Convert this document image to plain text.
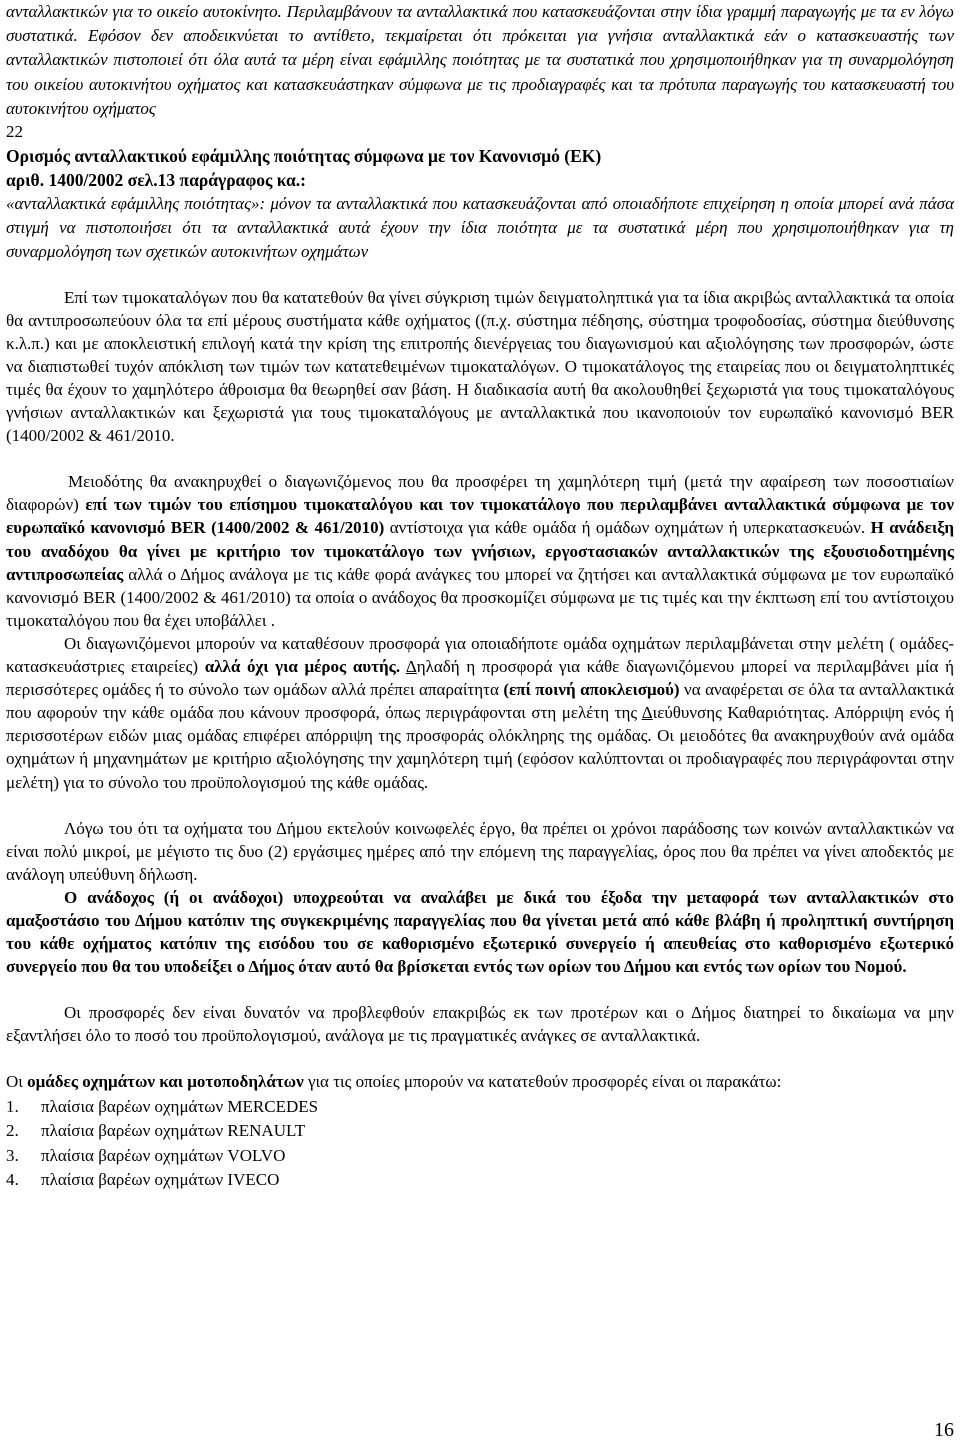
ανταλλακτικών για το οικείο αυτοκίνητο. Περιλαμβάνουν τα ανταλλακτικά που κατασκευάζονται στην ίδια γραμμή παραγωγής με τα εν λόγω συστατικά. Εφόσον δεν αποδεικνύεται το αντίθετο, τεκμαίρεται ότι πρόκειται για γνήσια ανταλλακτικά εάν ο κατασκευαστής των ανταλλακτικών πιστοποιεί ότι όλα αυτά τα μέρη είναι εφάμιλλης ποιότητας με τα συστατικά που χρησιμοποιήθηκαν για τη συναρμολόγηση του οικείου αυτοκινήτου οχήματος και κατασκευάστηκαν σύμφωνα με τις προδιαγραφές και τα πρότυπα παραγωγής του κατασκευαστή του αυτοκινήτου οχήματος

22
Ορισμός ανταλλακτικού εφάμιλλης ποιότητας σύμφωνα με τον Κανονισμό (ΕΚ)
αριθ. 1400/2002 σελ.13 παράγραφος κα.:

«ανταλλακτικά εφάμιλλης ποιότητας»: μόνον τα ανταλλακτικά που κατασκευάζονται από οποιαδήποτε επιχείρηση η οποία μπορεί ανά πάσα στιγμή να πιστοποιήσει ότι τα ανταλλακτικά αυτά έχουν την ίδια ποιότητα με τα συστατικά μέρη που χρησιμοποιήθηκαν για τη συναρμολόγηση των σχετικών αυτοκινήτων οχημάτων

Επί των τιμοκαταλόγων που θα κατατεθούν θα γίνει σύγκριση τιμών δειγματοληπτικά για τα ίδια ακριβώς ανταλλακτικά τα οποία θα αντιπροσωπεύουν όλα τα επί μέρους συστήματα κάθε οχήματος ((π.χ. σύστημα πέδησης, σύστημα τροφοδοσίας, σύστημα διεύθυνσης κ.λ.π.) και με αποκλειστική επιλογή κατά την κρίση της επιτροπής διενέργειας του διαγωνισμού και αξιολόγησης των προσφορών, ώστε να διαπιστωθεί τυχόν απόκλιση των τιμών των κατατεθειμένων τιμοκαταλόγων. Ο τιμοκατάλογος της εταιρείας που οι δειγματοληπτικές τιμές θα έχουν το χαμηλότερο άθροισμα θα θεωρηθεί σαν βάση. Η διαδικασία αυτή θα ακολουθηθεί ξεχωριστά για τους τιμοκαταλόγους γνήσιων ανταλλακτικών και ξεχωριστά για τους τιμοκαταλόγους με ανταλλακτικά που ικανοποιούν τον ευρωπαϊκό κανονισμό BER (1400/2002 & 461/2010.

Μειοδότης θα ανακηρυχθεί ο διαγωνιζόμενος που θα προσφέρει τη χαμηλότερη τιμή (μετά την αφαίρεση των ποσοστιαίων διαφορών) επί των τιμών του επίσημου τιμοκαταλόγου και τον τιμοκατάλογο που περιλαμβάνει ανταλλακτικά σύμφωνα με τον ευρωπαϊκό κανονισμό BER (1400/2002 & 461/2010) αντίστοιχα για κάθε ομάδα ή ομάδων οχημάτων ή υπερκατασκευών. Η ανάδειξη του αναδόχου θα γίνει με κριτήριο τον τιμοκατάλογο των γνήσιων, εργοστασιακών ανταλλακτικών της εξουσιοδοτημένης αντιπροσωπείας αλλά ο Δήμος ανάλογα με τις κάθε φορά ανάγκες του μπορεί να ζητήσει και ανταλλακτικά σύμφωνα με τον ευρωπαϊκό κανονισμό BER (1400/2002 & 461/2010) τα οποία ο ανάδοχος θα προσκομίζει σύμφωνα με τις τιμές και την έκπτωση επί του αντίστοιχου τιμοκαταλόγου που θα έχει υποβάλλει .

Οι διαγωνιζόμενοι μπορούν να καταθέσουν προσφορά για οποιαδήποτε ομάδα οχημάτων περιλαμβάνεται στην μελέτη ( ομάδες-κατασκευάστριες εταιρείες) αλλά όχι για μέρος αυτής. Δηλαδή η προσφορά για κάθε διαγωνιζόμενου μπορεί να περιλαμβάνει μία ή περισσότερες ομάδες ή το σύνολο των ομάδων αλλά πρέπει απαραίτητα (επί ποινή αποκλεισμού) να αναφέρεται σε όλα τα ανταλλακτικά που αφορούν την κάθε ομάδα που κάνουν προσφορά, όπως περιγράφονται στη μελέτη της Διεύθυνσης Καθαριότητας. Απόρριψη ενός ή περισσοτέρων ειδών μιας ομάδας επιφέρει απόρριψη της προσφοράς ολόκληρης της ομάδας. Οι μειοδότες θα ανακηρυχθούν ανά ομάδα οχημάτων ή μηχανημάτων με κριτήριο αξιολόγησης την χαμηλότερη τιμή (εφόσον καλύπτονται οι προδιαγραφές που περιγράφονται στην μελέτη) για το σύνολο του προϋπολογισμού της κάθε ομάδας.

Λόγω του ότι τα οχήματα του Δήμου εκτελούν κοινωφελές έργο, θα πρέπει οι χρόνοι παράδοσης των κοινών ανταλλακτικών να είναι πολύ μικροί, με μέγιστο τις δυο (2) εργάσιμες ημέρες από την επόμενη της παραγγελίας, όρος που θα πρέπει να γίνει αποδεκτός με ανάλογη υπεύθυνη δήλωση.

Ο ανάδοχος (ή οι ανάδοχοι) υποχρεούται να αναλάβει με δικά του έξοδα την μεταφορά των ανταλλακτικών στο αμαξοστάσιο του Δήμου κατόπιν της συγκεκριμένης παραγγελίας που θα γίνεται μετά από κάθε βλάβη ή προληπτική συντήρηση του κάθε οχήματος κατόπιν της εισόδου του σε καθορισμένο εξωτερικό συνεργείο ή απευθείας στο καθορισμένο εξωτερικό συνεργείο που θα του υποδείξει ο Δήμος όταν αυτό θα βρίσκεται εντός των ορίων του Δήμου και εντός των ορίων του Νομού.

Οι προσφορές δεν είναι δυνατόν να προβλεφθούν επακριβώς εκ των προτέρων και ο Δήμος διατηρεί το δικαίωμα να μην εξαντλήσει όλο το ποσό του προϋπολογισμού, ανάλογα με τις πραγματικές ανάγκες σε ανταλλακτικά.

Οι ομάδες οχημάτων και μοτοποδηλάτων για τις οποίες μπορούν να κατατεθούν προσφορές είναι οι παρακάτω:

1.	πλαίσια βαρέων οχημάτων MERCEDES
2.	πλαίσια βαρέων οχημάτων RENAULT
3.	πλαίσια βαρέων οχημάτων VOLVO
4.	πλαίσια βαρέων οχημάτων IVECO
16
